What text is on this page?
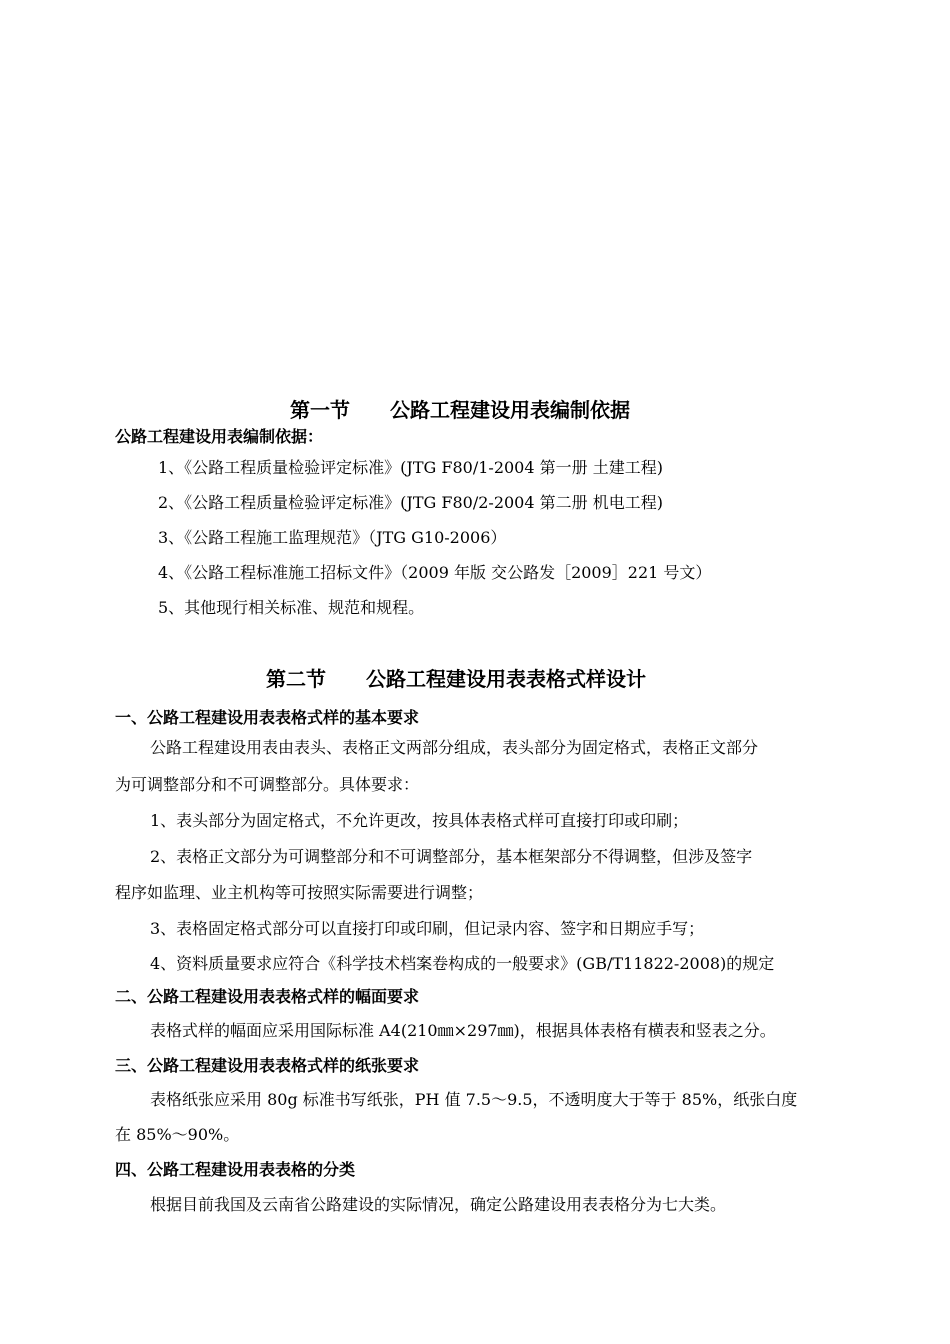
第一节 公路工程建设用表编制依据
公路工程建设用表编制依据：
1、《公路工程质量检验评定标准》(JTG F80/1-2004 第一册 土建工程)
2、《公路工程质量检验评定标准》(JTG F80/2-2004 第二册 机电工程)
3、《公路工程施工监理规范》（JTG G10-2006）
4、《公路工程标准施工招标文件》（2009 年版 交公路发［2009］221 号文）
5、其他现行相关标准、规范和规程。
第二节 公路工程建设用表表格式样设计
一、公路工程建设用表表格式样的基本要求
公路工程建设用表由表头、表格正文两部分组成，表头部分为固定格式，表格正文部分
为可调整部分和不可调整部分。具体要求：
1、表头部分为固定格式，不允许更改，按具体表格式样可直接打印或印刷；
2、表格正文部分为可调整部分和不可调整部分，基本框架部分不得调整，但涉及签字
程序如监理、业主机构等可按照实际需要进行调整；
3、表格固定格式部分可以直接打印或印刷，但记录内容、签字和日期应手写；
4、资料质量要求应符合《科学技术档案卷构成的一般要求》(GB/T11822-2008)的规定
二、公路工程建设用表表格式样的幅面要求
表格式样的幅面应采用国际标准 A4(210㎜×297㎜)，根据具体表格有横表和竖表之分。
三、公路工程建设用表表格式样的纸张要求
表格纸张应采用 80g 标准书写纸张，PH 值 7.5～9.5，不透明度大于等于 85%，纸张白度
在 85%～90%。
四、公路工程建设用表表格的分类
根据目前我国及云南省公路建设的实际情况，确定公路建设用表表格分为七大类。
